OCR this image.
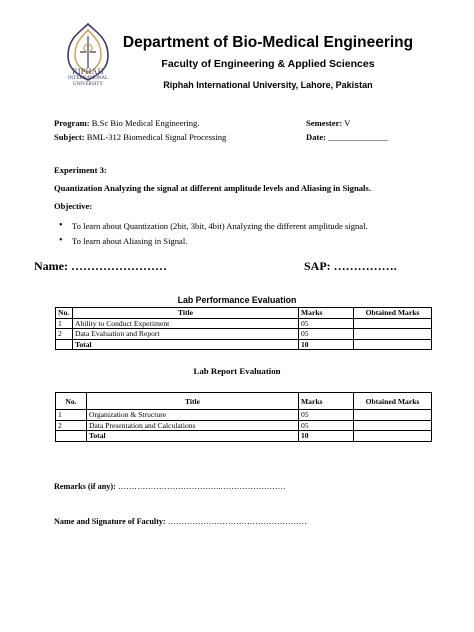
RIPHAH
INTERNATIONAL
UNIVERSITY
Department of Bio-Medical Engineering
Faculty of Engineering & Applied Sciences
Riphah International University, Lahore, Pakistan
Program: B.Sc Bio Medical Engineering.
Subject: BML-312 Biomedical Signal Processing
Semester: V
Date: ______________
Experiment 3:
Quantization Analyzing the signal at different amplitude levels and Aliasing in Signals.
Objective:
• To learn about Quantization (2bit, 3bit, 4bit) Analyzing the different amplitude signal.
• To learn about Aliasing in Signal.
Name: ……………………	SAP: …………….
Lab Performance Evaluation
No.	Title	Marks	Obtained Marks
1	Ability to Conduct Experiment	05	
2	Data Evaluation and Report	05	
	Total	10	
Lab Report Evaluation
No.	Title	Marks	Obtained Marks
1	Organization & Structure	05	
2	Data Presentation and Calculations	05	
	Total	10	
Remarks (if any): ………………………………..……………………
Name and Signature of Faculty: ……………………………………………
